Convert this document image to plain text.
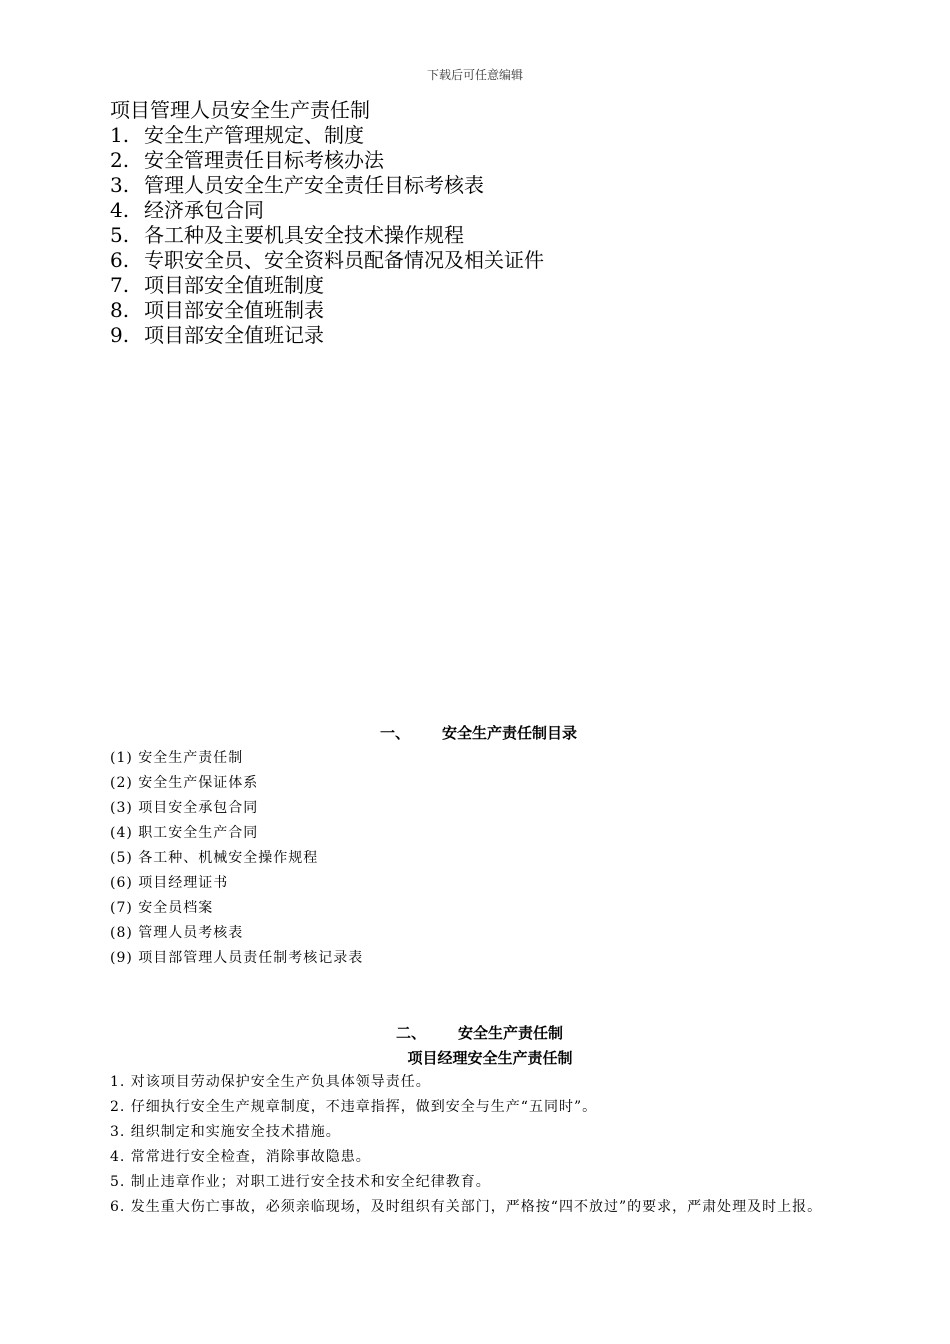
下载后可任意编辑
项目管理人员安全生产责任制
1. 安全生产管理规定、制度
2. 安全管理责任目标考核办法
3. 管理人员安全生产安全责任目标考核表
4. 经济承包合同
5. 各工种及主要机具安全技术操作规程
6. 专职安全员、安全资料员配备情况及相关证件
7. 项目部安全值班制度
8. 项目部安全值班制表
9. 项目部安全值班记录
一、 安全生产责任制目录
(1) 安全生产责任制
(2) 安全生产保证体系
(3) 项目安全承包合同
(4) 职工安全生产合同
(5) 各工种、机械安全操作规程
(6) 项目经理证书
(7) 安全员档案
(8) 管理人员考核表
(9) 项目部管理人员责任制考核记录表
二、 安全生产责任制
项目经理安全生产责任制
1. 对该项目劳动保护安全生产负具体领导责任。
2. 仔细执行安全生产规章制度，不违章指挥，做到安全与生产“五同时”。
3. 组织制定和实施安全技术措施。
4. 常常进行安全检查，消除事故隐患。
5. 制止违章作业；对职工进行安全技术和安全纪律教育。
6. 发生重大伤亡事故，必须亲临现场，及时组织有关部门，严格按“四不放过”的要求，严肃处理及时上报。
